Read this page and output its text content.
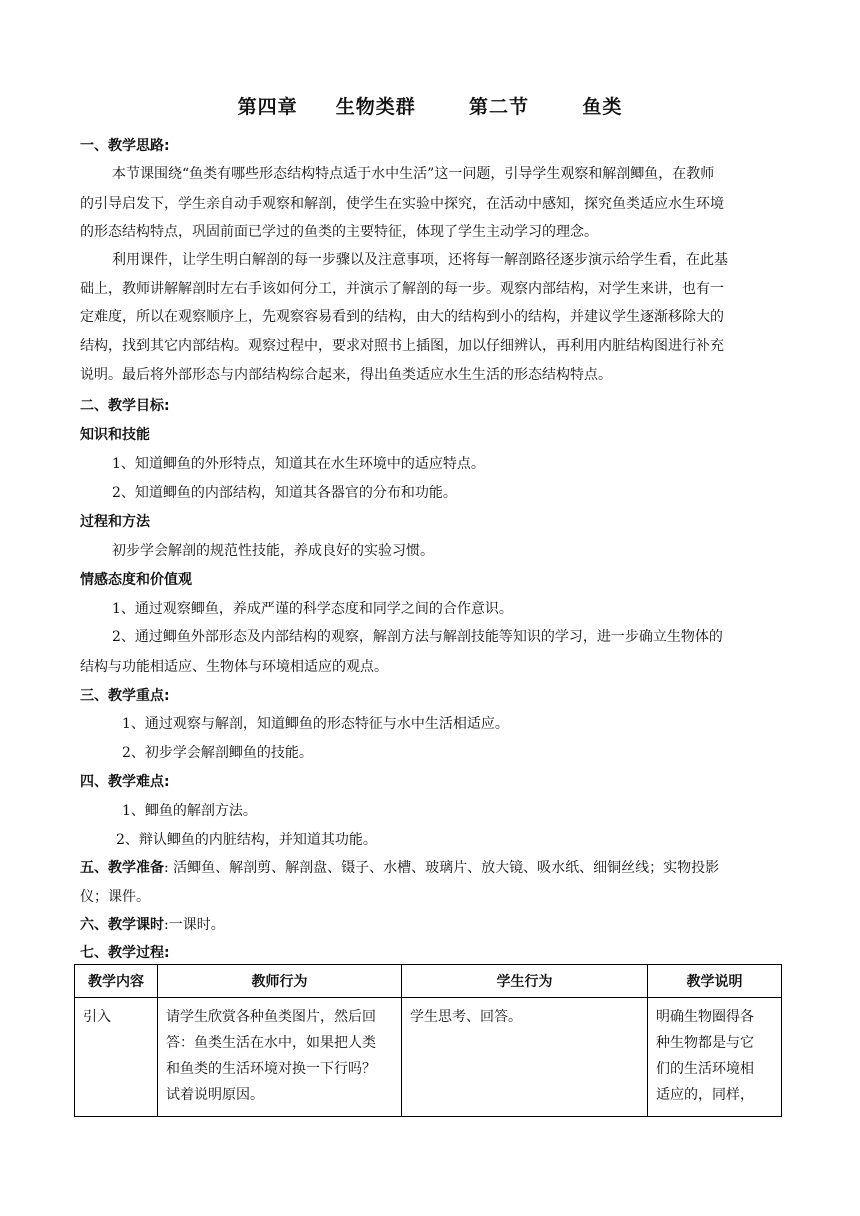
第四章     生物类群       第二节       鱼类
一、教学思路:
本节课围绕“鱼类有哪些形态结构特点适于水中生活”这一问题，引导学生观察和解剖鲫鱼，在教师
的引导启发下，学生亲自动手观察和解剖，使学生在实验中探究，在活动中感知，探究鱼类适应水生环境
的形态结构特点，巩固前面已学过的鱼类的主要特征，体现了学生主动学习的理念。
利用课件，让学生明白解剖的每一步骤以及注意事项，还将每一解剖路径逐步演示给学生看，在此基
础上，教师讲解解剖时左右手该如何分工，并演示了解剖的每一步。观察内部结构，对学生来讲，也有一
定难度，所以在观察顺序上，先观察容易看到的结构，由大的结构到小的结构，并建议学生逐渐移除大的
结构，找到其它内部结构。观察过程中，要求对照书上插图，加以仔细辨认，再利用内脏结构图进行补充
说明。最后将外部形态与内部结构综合起来，得出鱼类适应水生生活的形态结构特点。
二、教学目标:
知识和技能
1、知道鲫鱼的外形特点，知道其在水生环境中的适应特点。
2、知道鲫鱼的内部结构，知道其各器官的分布和功能。
过程和方法
初步学会解剖的规范性技能，养成良好的实验习惯。
情感态度和价值观
1、通过观察鲫鱼，养成严谨的科学态度和同学之间的合作意识。
2、通过鲫鱼外部形态及内部结构的观察，解剖方法与解剖技能等知识的学习，进一步确立生物体的
结构与功能相适应、生物体与环境相适应的观点。
三、教学重点:
1、通过观察与解剖，知道鲫鱼的形态特征与水中生活相适应。
2、初步学会解剖鲫鱼的技能。
四、教学难点:
1、鲫鱼的解剖方法。
2、辩认鲫鱼的内脏结构，并知道其功能。
五、教学准备: 活鲫鱼、解剖剪、解剖盘、镊子、水槽、玻璃片、放大镜、吸水纸、细铜丝线；实物投影
仪；课件。
六、教学课时:一课时。
七、教学过程:
教学内容	教师行为	学生行为	教学说明
引入	请学生欣赏各种鱼类图片，然后回
答：鱼类生活在水中，如果把人类
和鱼类的生活环境对换一下行吗？
试着说明原因。	学生思考、回答。	明确生物圈得各
种生物都是与它
们的生活环境相
适应的，同样，
